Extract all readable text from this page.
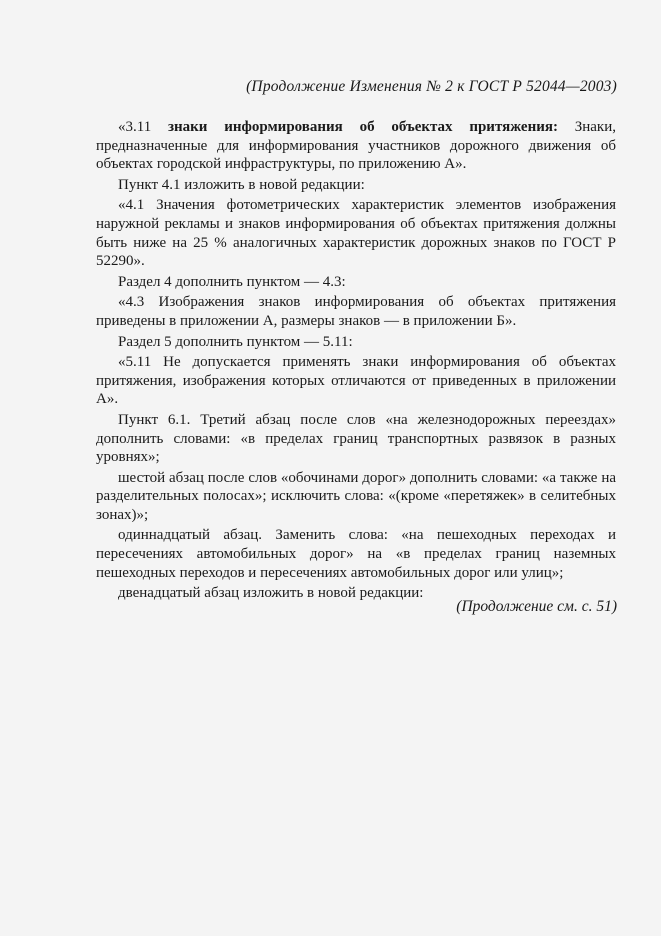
(Продолжение Изменения № 2 к ГОСТ Р 52044—2003)

«3.11 знаки информирования об объектах притяжения: Знаки, предназначенные для информирования участников дорожного движения об объектах городской инфраструктуры, по приложению А».

Пункт 4.1 изложить в новой редакции:

«4.1 Значения фотометрических характеристик элементов изображения наружной рекламы и знаков информирования об объектах притяжения должны быть ниже на 25 % аналогичных характеристик дорожных знаков по ГОСТ Р 52290».

Раздел 4 дополнить пунктом — 4.3:

«4.3 Изображения знаков информирования об объектах притяжения приведены в приложении А, размеры знаков — в приложении Б».

Раздел 5 дополнить пунктом — 5.11:

«5.11 Не допускается применять знаки информирования об объектах притяжения, изображения которых отличаются от приведенных в приложении А».

Пункт 6.1. Третий абзац после слов «на железнодорожных переездах» дополнить словами: «в пределах границ транспортных развязок в разных уровнях»;

шестой абзац после слов «обочинами дорог» дополнить словами: «а также на разделительных полосах»; исключить слова: «(кроме «перетяжек» в селитебных зонах)»;

одиннадцатый абзац. Заменить слова: «на пешеходных переходах и пересечениях автомобильных дорог» на «в пределах границ наземных пешеходных переходов и пересечениях автомобильных дорог или улиц»;

двенадцатый абзац изложить в новой редакции:

(Продолжение см. с. 51)
